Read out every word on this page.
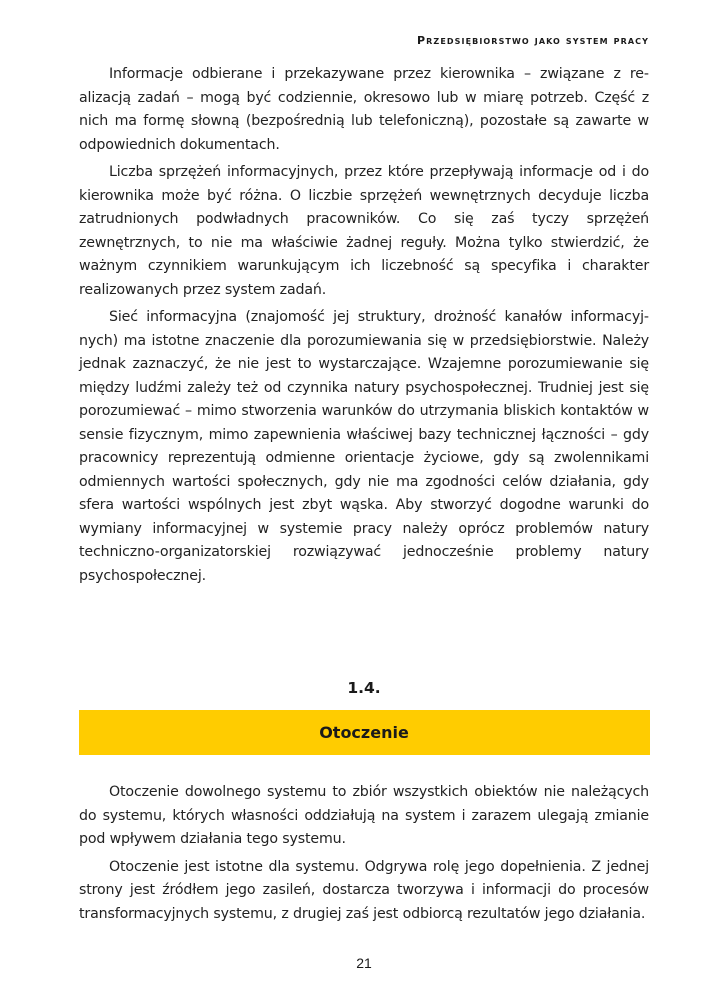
Przedsiębiorstwo jako system pracy

Informacje odbierane i przekazywane przez kierownika – związane z realizacją zadań – mogą być codziennie, okresowo lub w miarę potrzeb. Część z nich ma formę słowną (bezpośrednią lub telefoniczną), pozostałe są zawarte w odpowiednich dokumentach.

Liczba sprzężeń informacyjnych, przez które przepływają informacje od i do kierownika może być różna. O liczbie sprzężeń wewnętrznych decyduje liczba zatrudnionych podwładnych pracowników. Co się zaś tyczy sprzężeń zewnętrznych, to nie ma właściwie żadnej reguły. Można tylko stwierdzić, że ważnym czynnikiem warunkującym ich liczebność są specyfika i charakter realizowanych przez system zadań.

Sieć informacyjna (znajomość jej struktury, drożność kanałów informacyjnych) ma istotne znaczenie dla porozumiewania się w przedsiębiorstwie. Należy jednak zaznaczyć, że nie jest to wystarczające. Wzajemne porozumiewanie się między ludźmi zależy też od czynnika natury psychospołecznej. Trudniej jest się porozumiewać – mimo stworzenia warunków do utrzymania bliskich kontaktów w sensie fizycznym, mimo zapewnienia właściwej bazy technicznej łączności – gdy pracownicy reprezentują odmienne orientacje życiowe, gdy są zwolennikami odmiennych wartości społecznych, gdy nie ma zgodności celów działania, gdy sfera wartości wspólnych jest zbyt wąska. Aby stworzyć dogodne warunki do wymiany informacyjnej w systemie pracy należy oprócz problemów natury techniczno-organizatorskiej rozwiązywać jednocześnie problemy natury psychospołecznej.

1.4.
Otoczenie

Otoczenie dowolnego systemu to zbiór wszystkich obiektów nie należących do systemu, których własności oddziałują na system i zarazem ulegają zmianie pod wpływem działania tego systemu.

Otoczenie jest istotne dla systemu. Odgrywa rolę jego dopełnienia. Z jednej strony jest źródłem jego zasileń, dostarcza tworzywa i informacji do procesów transformacyjnych systemu, z drugiej zaś jest odbiorcą rezultatów jego działania.

21
